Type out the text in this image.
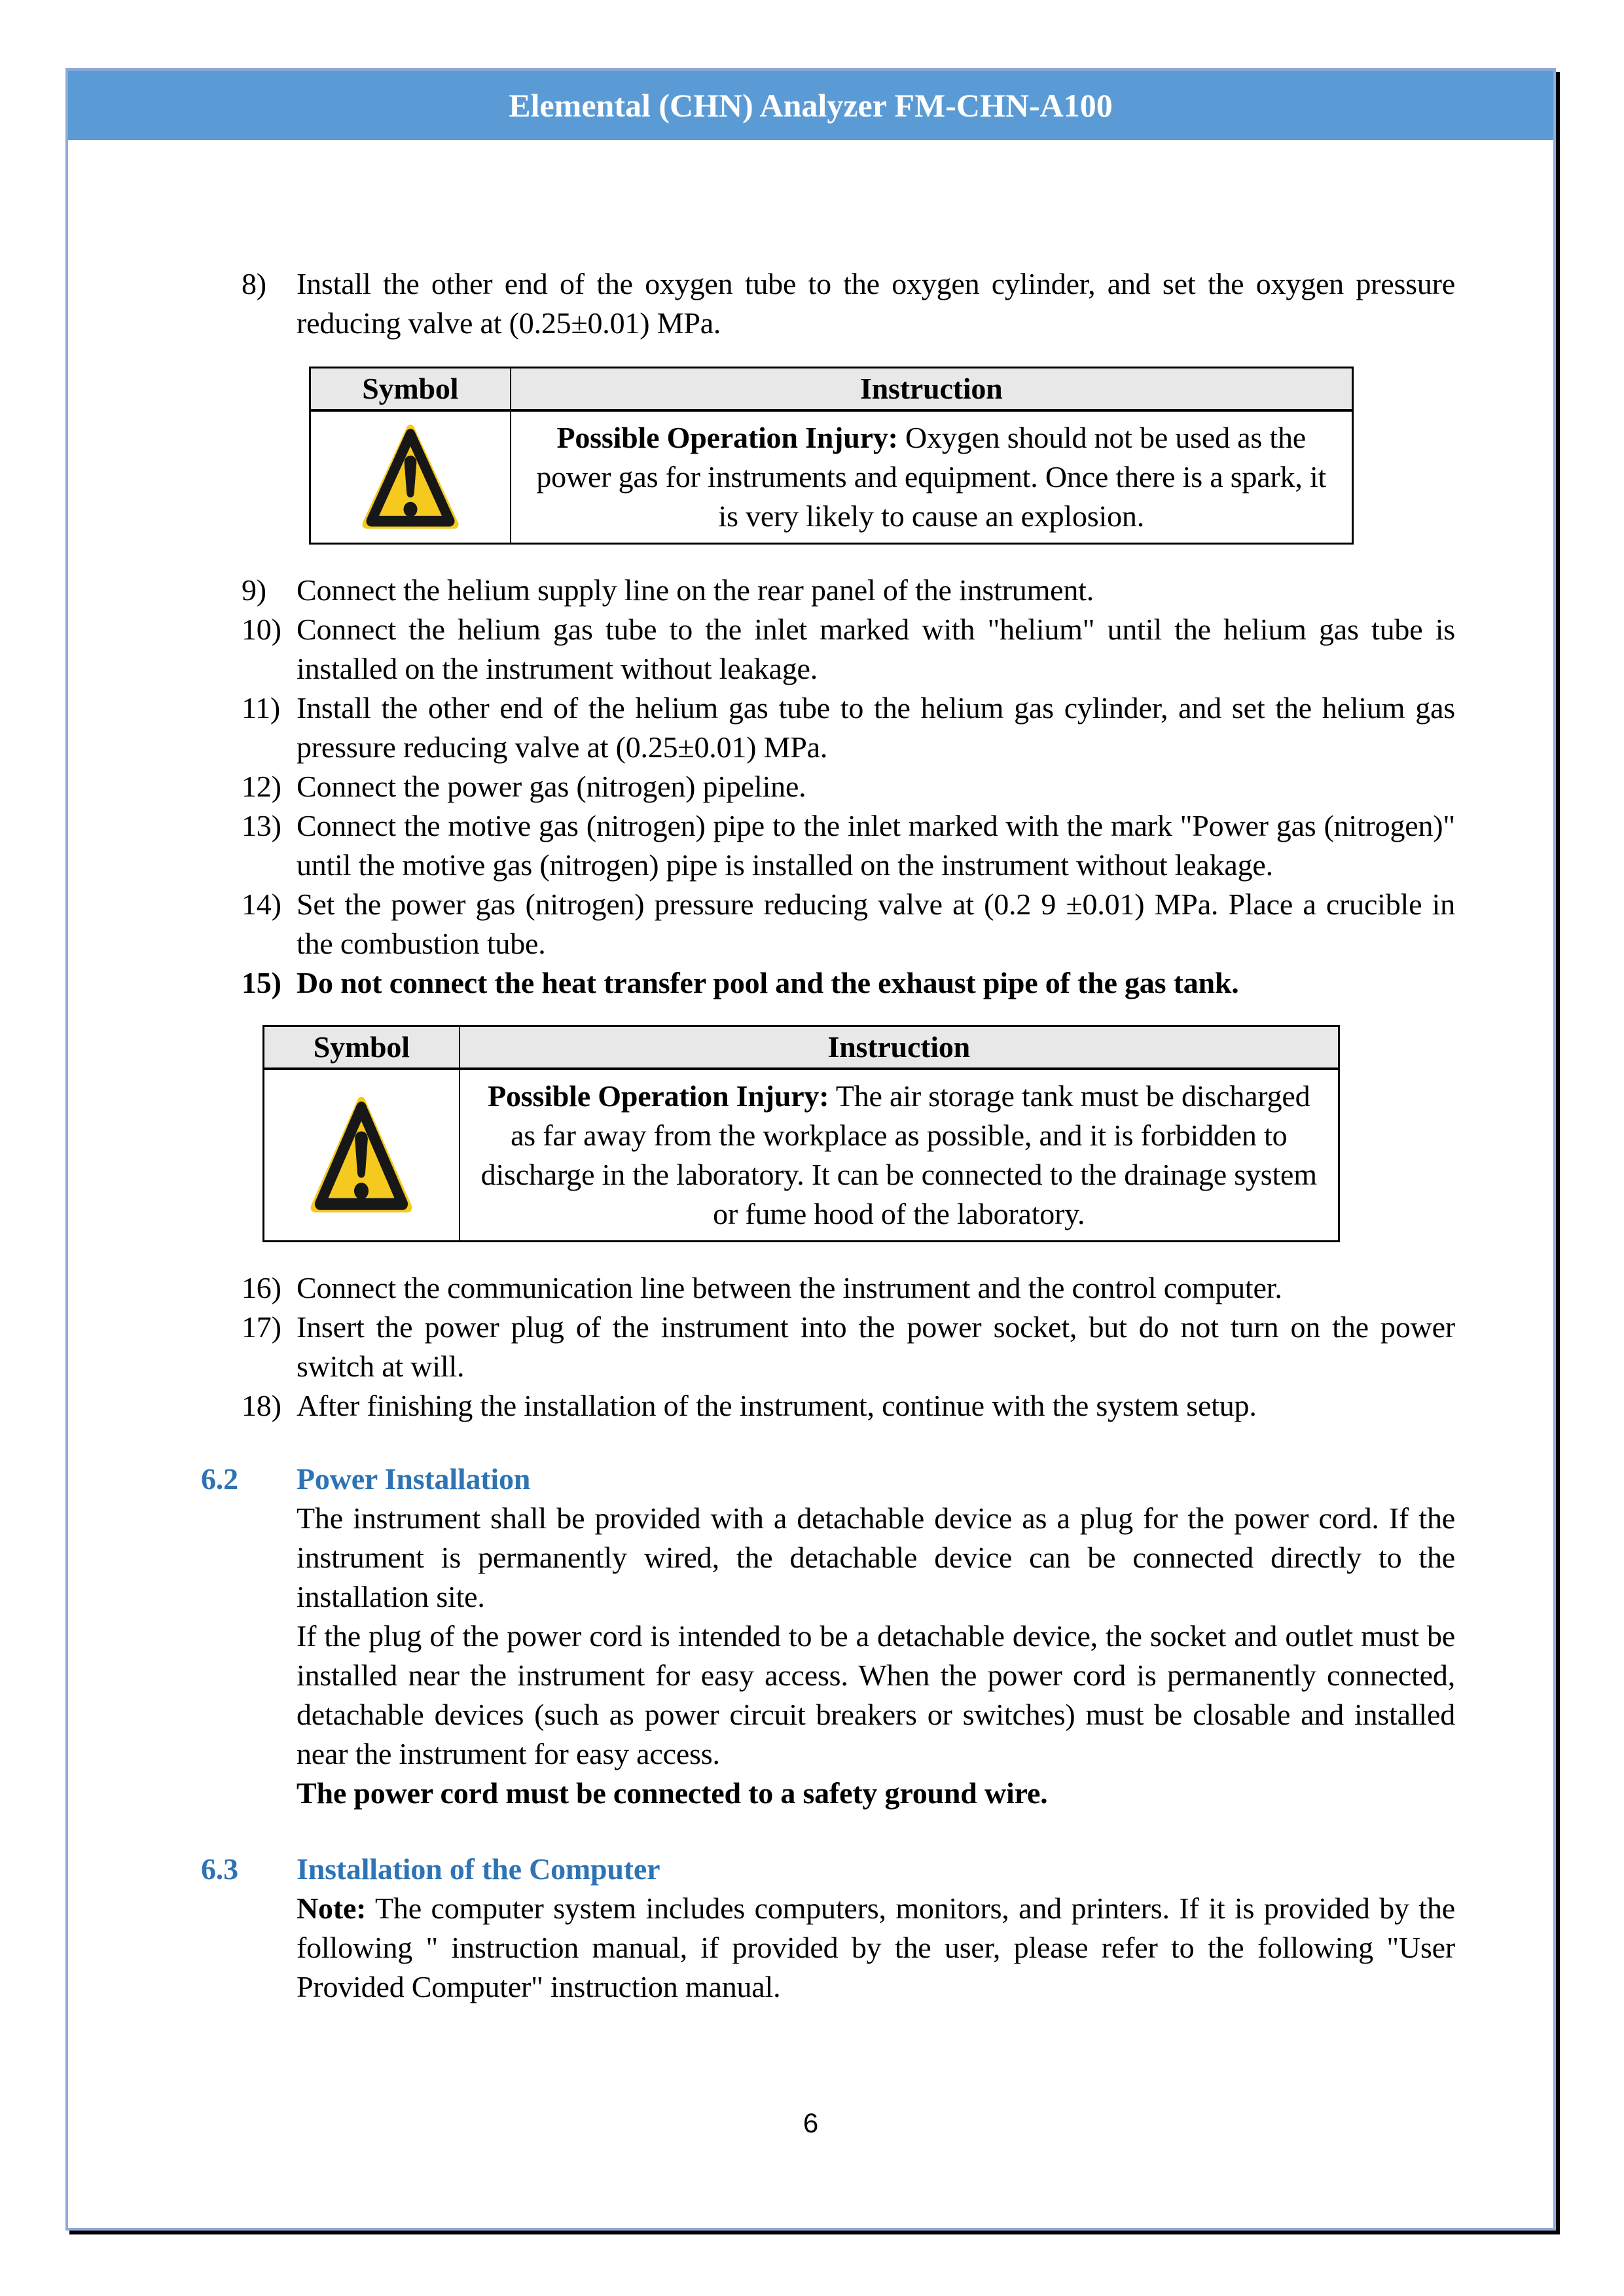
Elemental (CHN) Analyzer FM-CHN-A100
8) Install the other end of the oxygen tube to the oxygen cylinder, and set the oxygen pressure reducing valve at (0.25±0.01) MPa.
Symbol	Instruction

Possible Operation Injury: Oxygen should not be used as the power gas for instruments and equipment. Once there is a spark, it is very likely to cause an explosion.

9) Connect the helium supply line on the rear panel of the instrument.
10) Connect the helium gas tube to the inlet marked with "helium" until the helium gas tube is installed on the instrument without leakage.
11) Install the other end of the helium gas tube to the helium gas cylinder, and set the helium gas pressure reducing valve at (0.25±0.01) MPa.
12) Connect the power gas (nitrogen) pipeline.
13) Connect the motive gas (nitrogen) pipe to the inlet marked with the mark "Power gas (nitrogen)" until the motive gas (nitrogen) pipe is installed on the instrument without leakage.
14) Set the power gas (nitrogen) pressure reducing valve at (0.2 9 ±0.01) MPa. Place a crucible in the combustion tube.
15) Do not connect the heat transfer pool and the exhaust pipe of the gas tank.
Symbol	Instruction

Possible Operation Injury: The air storage tank must be discharged as far away from the workplace as possible, and it is forbidden to discharge in the laboratory. It can be connected to the drainage system or fume hood of the laboratory.

16) Connect the communication line between the instrument and the control computer.
17) Insert the power plug of the instrument into the power socket, but do not turn on the power switch at will.
18) After finishing the installation of the instrument, continue with the system setup.
6.2 Power Installation

The instrument shall be provided with a detachable device as a plug for the power cord. If the instrument is permanently wired, the detachable device can be connected directly to the installation site.

If the plug of the power cord is intended to be a detachable device, the socket and outlet must be installed near the instrument for easy access. When the power cord is permanently connected, detachable devices (such as power circuit breakers or switches) must be closable and installed near the instrument for easy access.

The power cord must be connected to a safety ground wire.

6.3 Installation of the Computer

Note: The computer system includes computers, monitors, and printers. If it is provided by the following " instruction manual, if provided by the user, please refer to the following "User Provided Computer" instruction manual.

6
